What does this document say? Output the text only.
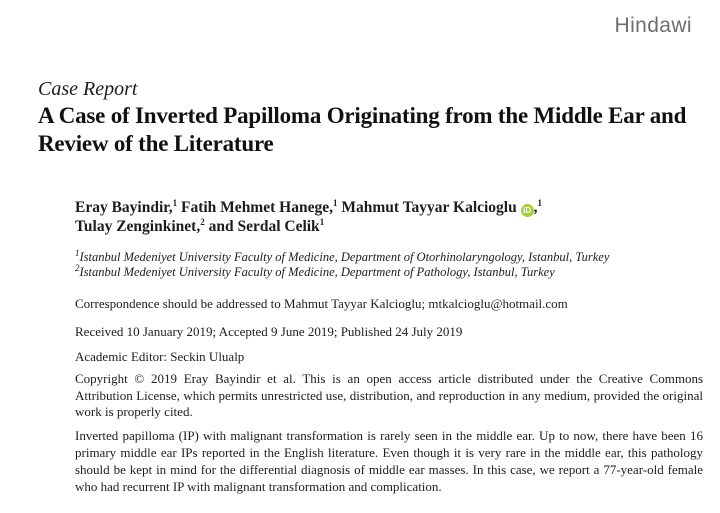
Hindawi
Case Report
A Case of Inverted Papilloma Originating from the Middle Ear and
Review of the Literature
Eray Bayindir,$^1$ Fatih Mehmet Hanege,$^1$ Mahmut Tayyar Kalcioglu iD ,$^1$
Tulay Zenginkinet,$^2$ and Serdal Celik$^1$
$^1$Istanbul Medeniyet University Faculty of Medicine, Department of Otorhinolaryngology, Istanbul, Turkey
$^2$Istanbul Medeniyet University Faculty of Medicine, Department of Pathology, Istanbul, Turkey
Correspondence should be addressed to Mahmut Tayyar Kalcioglu; mtkalcioglu@hotmail.com
Received 10 January 2019; Accepted 9 June 2019; Published 24 July 2019
Academic Editor: Seckin Ulualp
Copyright © 2019 Eray Bayindir et al. This is an open access article distributed under the Creative Commons Attribution License, which permits unrestricted use, distribution, and reproduction in any medium, provided the original work is properly cited.
Inverted papilloma (IP) with malignant transformation is rarely seen in the middle ear. Up to now, there have been 16 primary middle ear IPs reported in the English literature. Even though it is very rare in the middle ear, this pathology should be kept in mind for the differential diagnosis of middle ear masses. In this case, we report a 77-year-old female who had recurrent IP with malignant transformation and complication.
